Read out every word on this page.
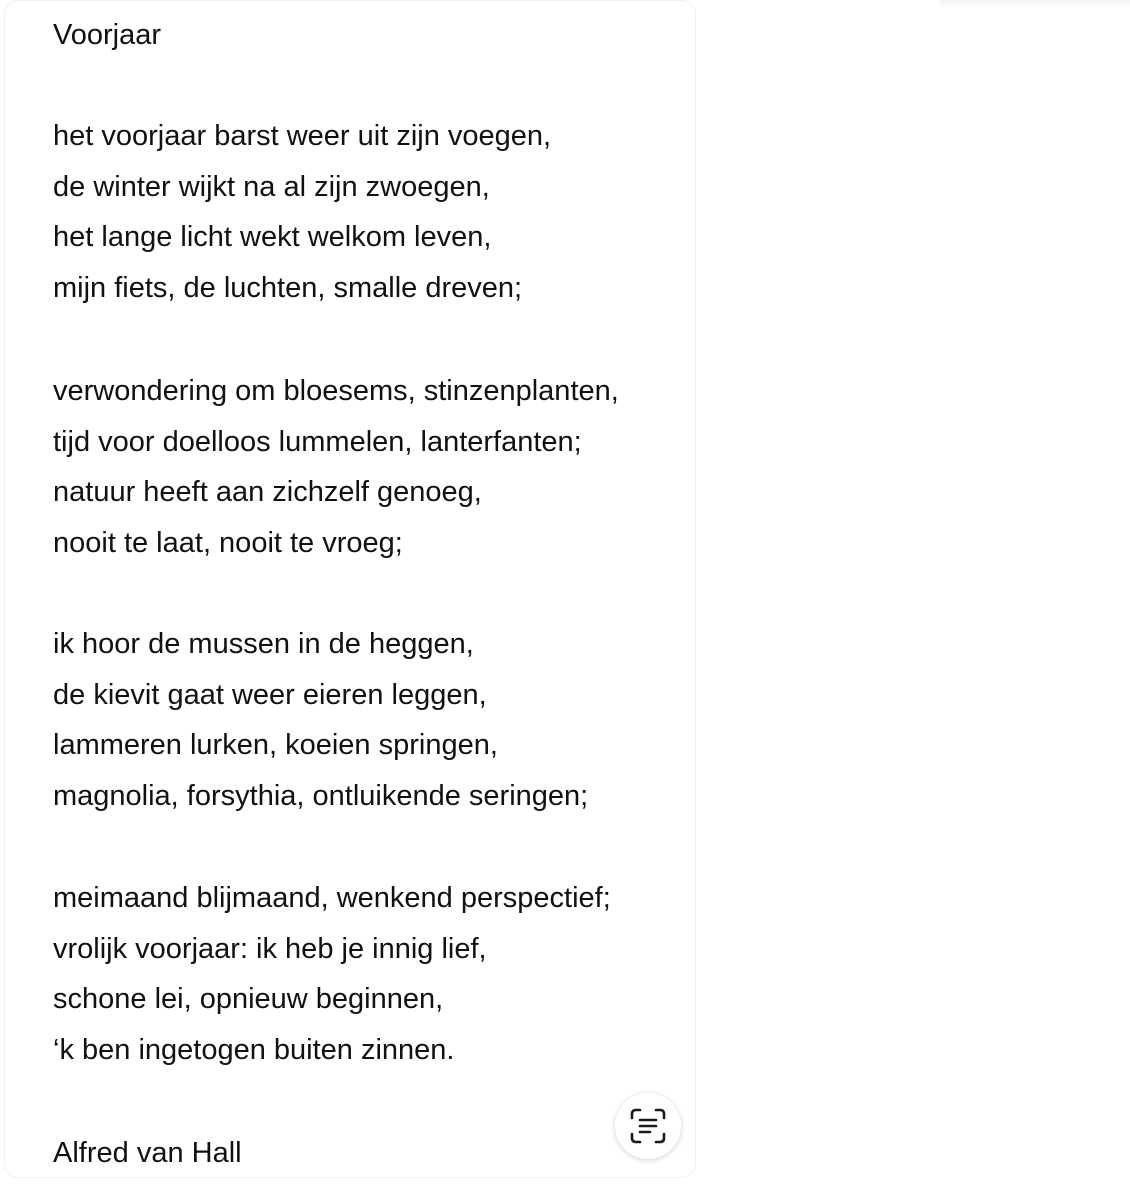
Voorjaar
het voorjaar barst weer uit zijn voegen,
de winter wijkt na al zijn zwoegen,
het lange licht wekt welkom leven,
mijn fiets, de luchten, smalle dreven;
verwondering om bloesems, stinzenplanten,
tijd voor doelloos lummelen, lanterfanten;
natuur heeft aan zichzelf genoeg,
nooit te laat, nooit te vroeg;
ik hoor de mussen in de heggen,
de kievit gaat weer eieren leggen,
lammeren lurken, koeien springen,
magnolia, forsythia, ontluikende seringen;
meimaand blijmaand, wenkend perspectief;
vrolijk voorjaar: ik heb je innig lief,
schone lei, opnieuw beginnen,
‘k ben ingetogen buiten zinnen.
Alfred van Hall
